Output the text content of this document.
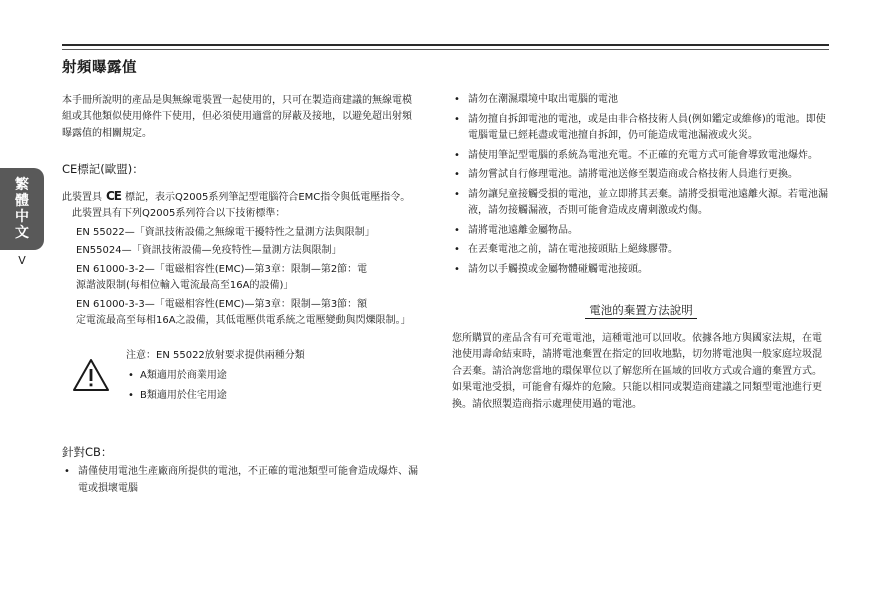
繁
體
中
文
V
射頻曝露值

本手冊所說明的產品是與無線電裝置一起使用的，只可在製造商建議的無線電模組或其他類似使用條件下使用，但必須使用適當的屏蔽及接地，以避免超出射頻曝露值的相關規定。

CE標記(歐盟)：

此裝置具 CE 標記，表示Q2005系列筆記型電腦符合EMC指令與低電壓指令。此裝置具有下列Q2005系列符合以下技術標準：

EN 55022—「資訊技術設備之無線電干擾特性之量測方法與限制」
EN55024—「資訊技術設備—免疫特性—量測方法與限制」
EN 61000-3-2—「電磁相容性(EMC)—第3章：限制—第2節：電
源諧波限制(每相位輸入電流最高至16A的設備)」
EN 61000-3-3—「電磁相容性(EMC)—第3章：限制—第3節：額
定電流最高至每相16A之設備，其低電壓供電系統之電壓變動與閃爍限制。」
注意：EN 55022放射要求提供兩種分類
• A類適用於商業用途
• B類適用於住宅用途
針對CB：
• 請僅使用電池生產廠商所提供的電池，不正確的電池類型可能會造成爆炸、漏電或損壞電腦
• 請勿在潮濕環境中取出電腦的電池
• 請勿擅自拆卸電池的電池，或是由非合格技術人員(例如鑑定或維修)的電池。即使電腦電量已經耗盡或電池擅自拆卸，仍可能造成電池漏液或火災。
• 請使用筆記型電腦的系統為電池充電。不正確的充電方式可能會導致電池爆炸。
• 請勿嘗試自行修理電池。請將電池送修至製造商或合格技術人員進行更換。
• 請勿讓兒童接觸受損的電池，並立即將其丟棄。請將受損電池遠離火源。若電池漏液，請勿接觸漏液，否則可能會造成皮膚刺激或灼傷。
• 請將電池遠離金屬物品。
• 在丟棄電池之前，請在電池接頭貼上絕緣膠帶。
• 請勿以手觸摸或金屬物體碰觸電池接頭。
電池的棄置方法說明

您所購買的產品含有可充電電池，這種電池可以回收。依據各地方與國家法規，在電池使用壽命結束時，請將電池棄置在指定的回收地點，切勿將電池與一般家庭垃圾混合丟棄。請洽詢您當地的環保單位以了解您所在區域的回收方式或合適的棄置方式。如果電池受損，可能會有爆炸的危險。只能以相同或製造商建議之同類型電池進行更換。請依照製造商指示處理使用過的電池。
